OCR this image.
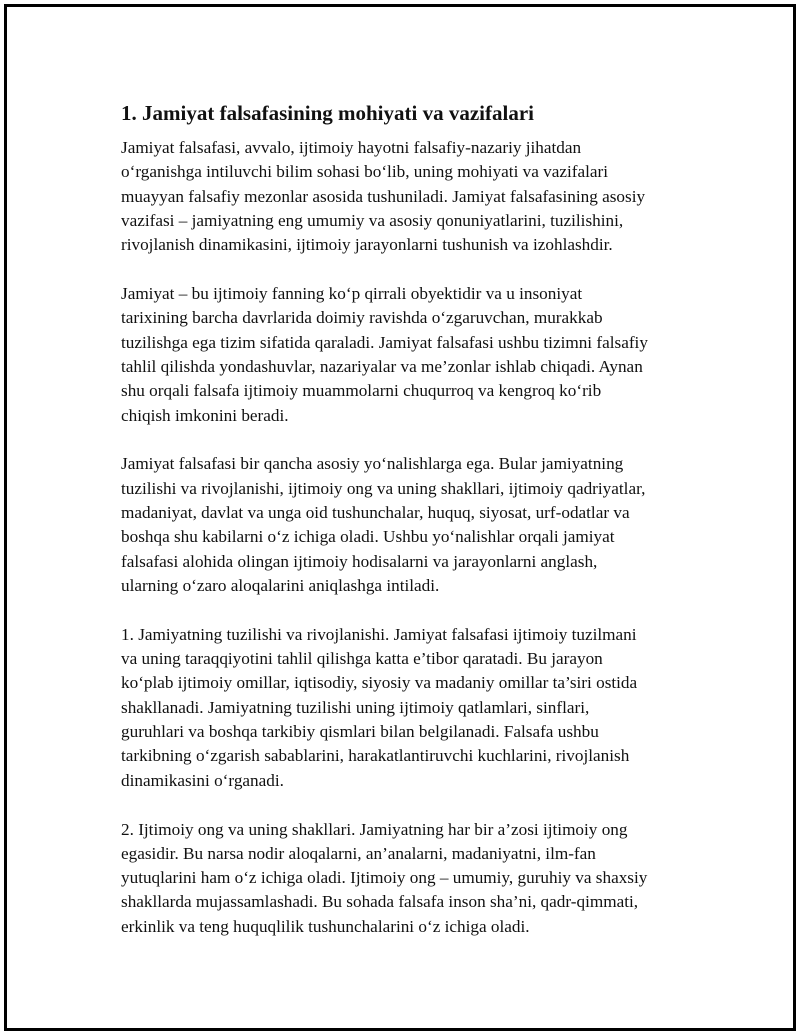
1. Jamiyat falsafasining mohiyati va vazifalari
Jamiyat falsafasi, avvalo, ijtimoiy hayotni falsafiy-nazariy jihatdan
o‘rganishga intiluvchi bilim sohasi bo‘lib, uning mohiyati va vazifalari
muayyan falsafiy mezonlar asosida tushuniladi. Jamiyat falsafasining asosiy
vazifasi – jamiyatning eng umumiy va asosiy qonuniyatlarini, tuzilishini,
rivojlanish dinamikasini, ijtimoiy jarayonlarni tushunish va izohlashdir.
Jamiyat – bu ijtimoiy fanning ko‘p qirrali obyektidir va u insoniyat
tarixining barcha davrlarida doimiy ravishda o‘zgaruvchan, murakkab
tuzilishga ega tizim sifatida qaraladi. Jamiyat falsafasi ushbu tizimni falsafiy
tahlil qilishda yondashuvlar, nazariyalar va me’zonlar ishlab chiqadi. Aynan
shu orqali falsafa ijtimoiy muammolarni chuqurroq va kengroq ko‘rib
chiqish imkonini beradi.
Jamiyat falsafasi bir qancha asosiy yo‘nalishlarga ega. Bular jamiyatning
tuzilishi va rivojlanishi, ijtimoiy ong va uning shakllari, ijtimoiy qadriyatlar,
madaniyat, davlat va unga oid tushunchalar, huquq, siyosat, urf-odatlar va
boshqa shu kabilarni o‘z ichiga oladi. Ushbu yo‘nalishlar orqali jamiyat
falsafasi alohida olingan ijtimoiy hodisalarni va jarayonlarni anglash,
ularning o‘zaro aloqalarini aniqlashga intiladi.
1. Jamiyatning tuzilishi va rivojlanishi. Jamiyat falsafasi ijtimoiy tuzilmani
va uning taraqqiyotini tahlil qilishga katta e’tibor qaratadi. Bu jarayon
ko‘plab ijtimoiy omillar, iqtisodiy, siyosiy va madaniy omillar ta’siri ostida
shakllanadi. Jamiyatning tuzilishi uning ijtimoiy qatlamlari, sinflari,
guruhlari va boshqa tarkibiy qismlari bilan belgilanadi. Falsafa ushbu
tarkibning o‘zgarish sabablarini, harakatlantiruvchi kuchlarini, rivojlanish
dinamikasini o‘rganadi.
2. Ijtimoiy ong va uning shakllari. Jamiyatning har bir a’zosi ijtimoiy ong
egasidir. Bu narsa nodir aloqalarni, an’analarni, madaniyatni, ilm-fan
yutuqlarini ham o‘z ichiga oladi. Ijtimoiy ong – umumiy, guruhiy va shaxsiy
shakllarda mujassamlashadi. Bu sohada falsafa inson sha’ni, qadr-qimmati,
erkinlik va teng huquqlilik tushunchalarini o‘z ichiga oladi.
